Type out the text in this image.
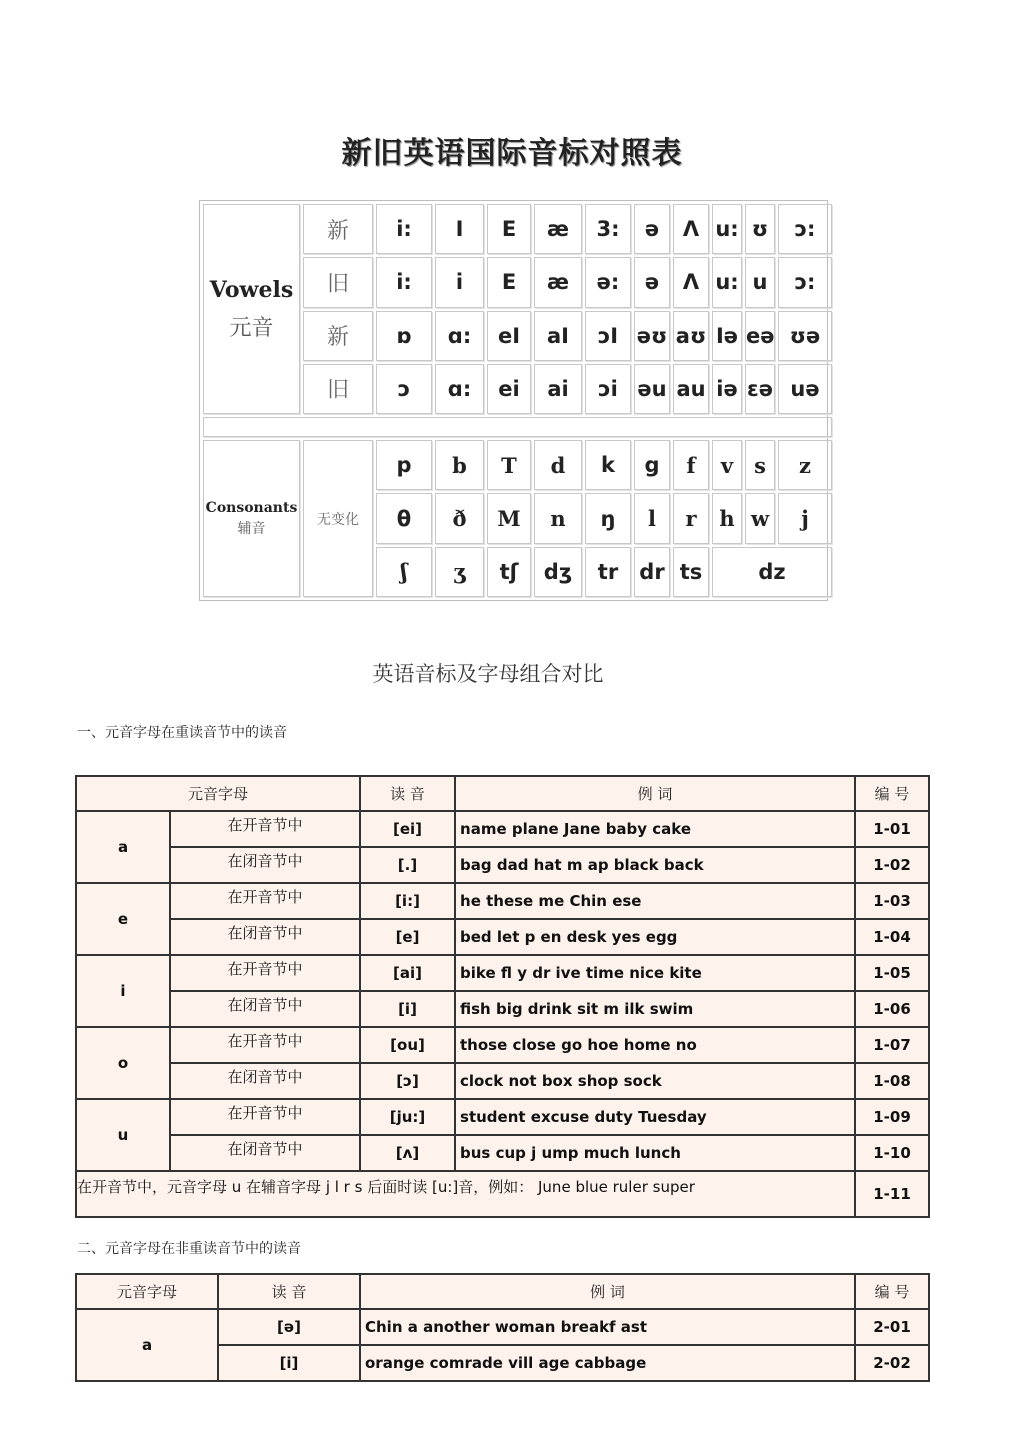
新旧英语国际音标对照表
Vowels
元音	新	i:	I	E	æ	3:	ə	Λ	u:	ʊ	ɔ:
	旧	i:	i	E	æ	ə:	ə	Λ	u:	u	ɔ:
	新	ɒ	ɑ:	eI	aI	ɔI	əʊ	aʊ	Iə	eə	ʊə
	旧	ɔ	ɑ:	ei	ai	ɔi	əu	au	iə	ɛə	uə

Consonants
辅音	无变化	p	b	T	d	k	g	f	v	s	z
		θ	ð	M	n	ŋ	l	r	h	w	j
		ʃ	ʒ	tʃ	dʒ	tr	dr	ts	dz		
英语音标及字母组合对比
一、元音字母在重读音节中的读音
元音字母		读 音	例 词	编 号
a	在开音节中	[ei]	name plane Jane baby cake	1-01
	在闭音节中	[.]	bag dad hat m ap black back	1-02
e	在开音节中	[i:]	he these me Chin ese	1-03
	在闭音节中	[e]	bed let p en desk yes egg	1-04
i	在开音节中	[ai]	bike fl y dr ive time nice kite	1-05
	在闭音节中	[i]	fish big drink sit m ilk swim	1-06
o	在开音节中	[ou]	those close go hoe home no	1-07
	在闭音节中	[ɔ]	clock not box shop sock	1-08
u	在开音节中	[ju:]	student excuse duty Tuesday	1-09
	在闭音节中	[ʌ]	bus cup j ump much lunch	1-10
在开音节中，元音字母 u 在辅音字母 j l r s 后面时读 [u:]音，例如： June blue ruler super				1-11
二、元音字母在非重读音节中的读音
元音字母	读 音	例 词	编 号
a	[ə]	Chin a another woman breakf ast	2-01
	[i]	orange comrade vill age cabbage	2-02
